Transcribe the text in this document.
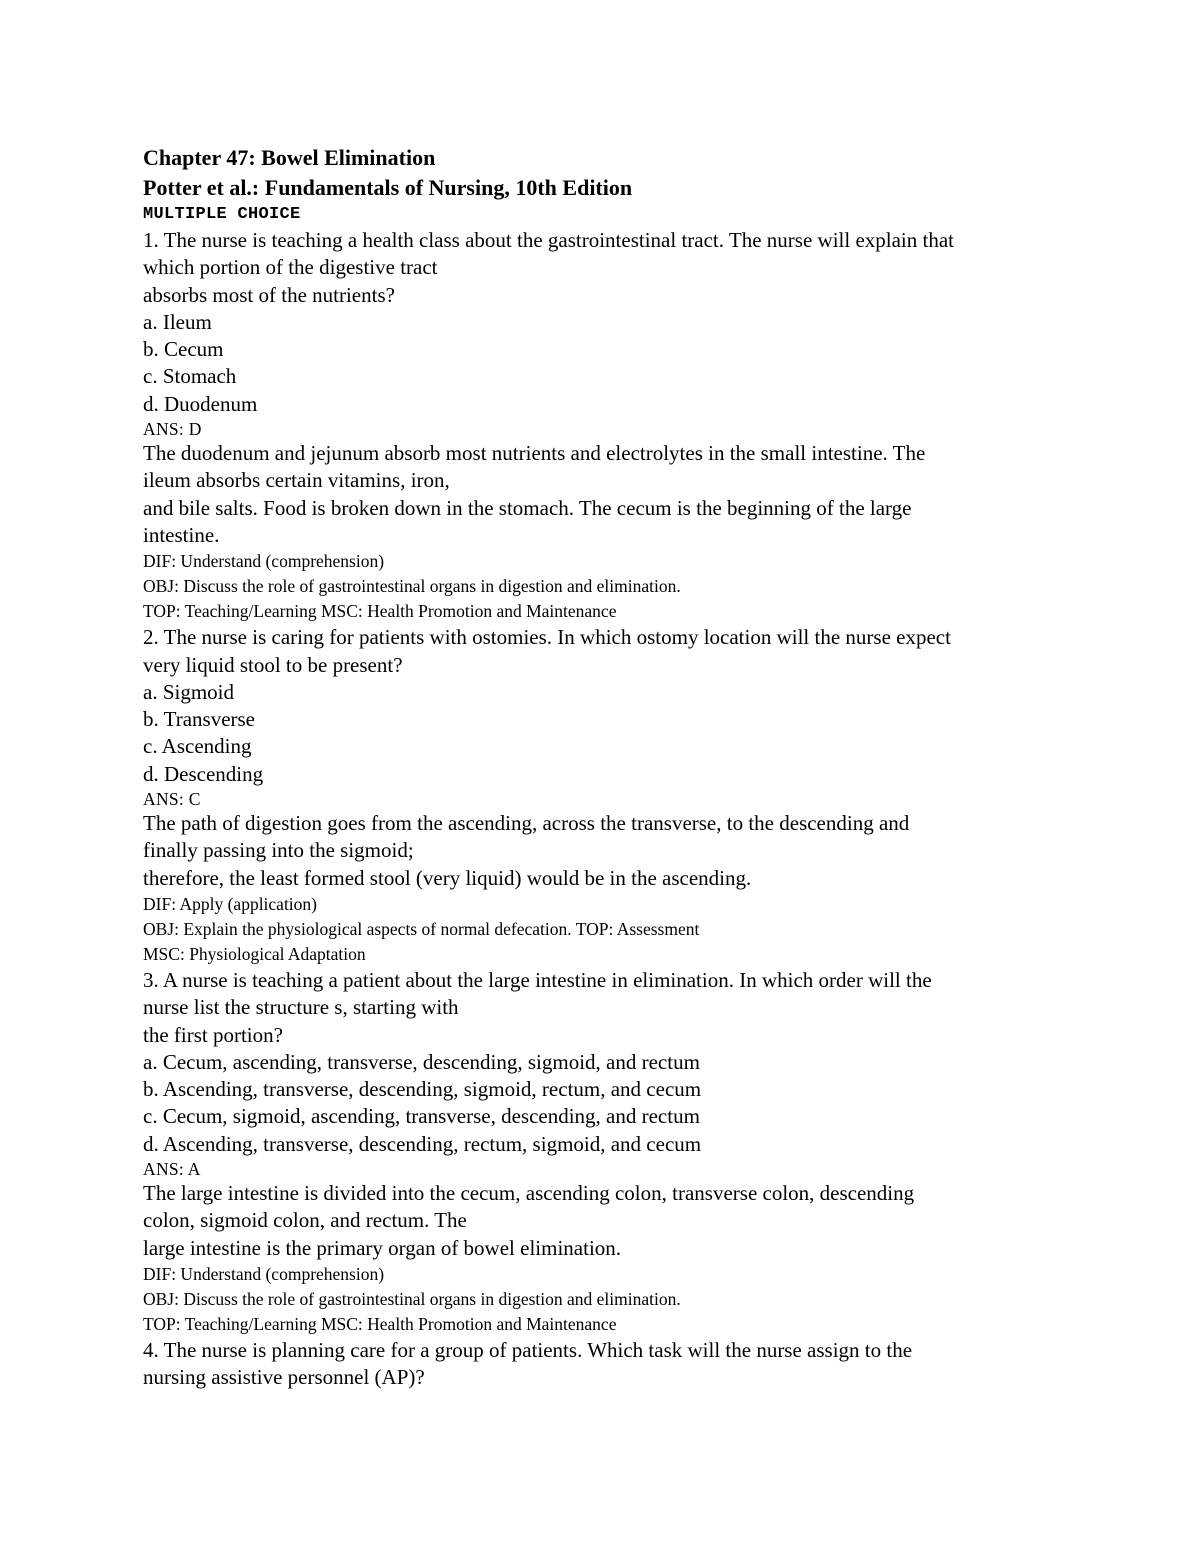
Chapter 47: Bowel Elimination
Potter et al.: Fundamentals of Nursing, 10th Edition
MULTIPLE CHOICE
1. The nurse is teaching a health class about the gastrointestinal tract. The nurse will explain that
which portion of the digestive tract
absorbs most of the nutrients?
a. Ileum
b. Cecum
c. Stomach
d. Duodenum
ANS: D
The duodenum and jejunum absorb most nutrients and electrolytes in the small intestine. The
ileum absorbs certain vitamins, iron,
and bile salts. Food is broken down in the stomach. The cecum is the beginning of the large
intestine.
DIF: Understand (comprehension)
OBJ: Discuss the role of gastrointestinal organs in digestion and elimination.
TOP: Teaching/Learning MSC: Health Promotion and Maintenance
2. The nurse is caring for patients with ostomies. In which ostomy location will the nurse expect
very liquid stool to be present?
a. Sigmoid
b. Transverse
c. Ascending
d. Descending
ANS: C
The path of digestion goes from the ascending, across the transverse, to the descending and
finally passing into the sigmoid;
therefore, the least formed stool (very liquid) would be in the ascending.
DIF: Apply (application)
OBJ: Explain the physiological aspects of normal defecation. TOP: Assessment
MSC: Physiological Adaptation
3. A nurse is teaching a patient about the large intestine in elimination. In which order will the
nurse list the structure s, starting with
the first portion?
a. Cecum, ascending, transverse, descending, sigmoid, and rectum
b. Ascending, transverse, descending, sigmoid, rectum, and cecum
c. Cecum, sigmoid, ascending, transverse, descending, and rectum
d. Ascending, transverse, descending, rectum, sigmoid, and cecum
ANS: A
The large intestine is divided into the cecum, ascending colon, transverse colon, descending
colon, sigmoid colon, and rectum. The
large intestine is the primary organ of bowel elimination.
DIF: Understand (comprehension)
OBJ: Discuss the role of gastrointestinal organs in digestion and elimination.
TOP: Teaching/Learning MSC: Health Promotion and Maintenance
4. The nurse is planning care for a group of patients. Which task will the nurse assign to the
nursing assistive personnel (AP)?
